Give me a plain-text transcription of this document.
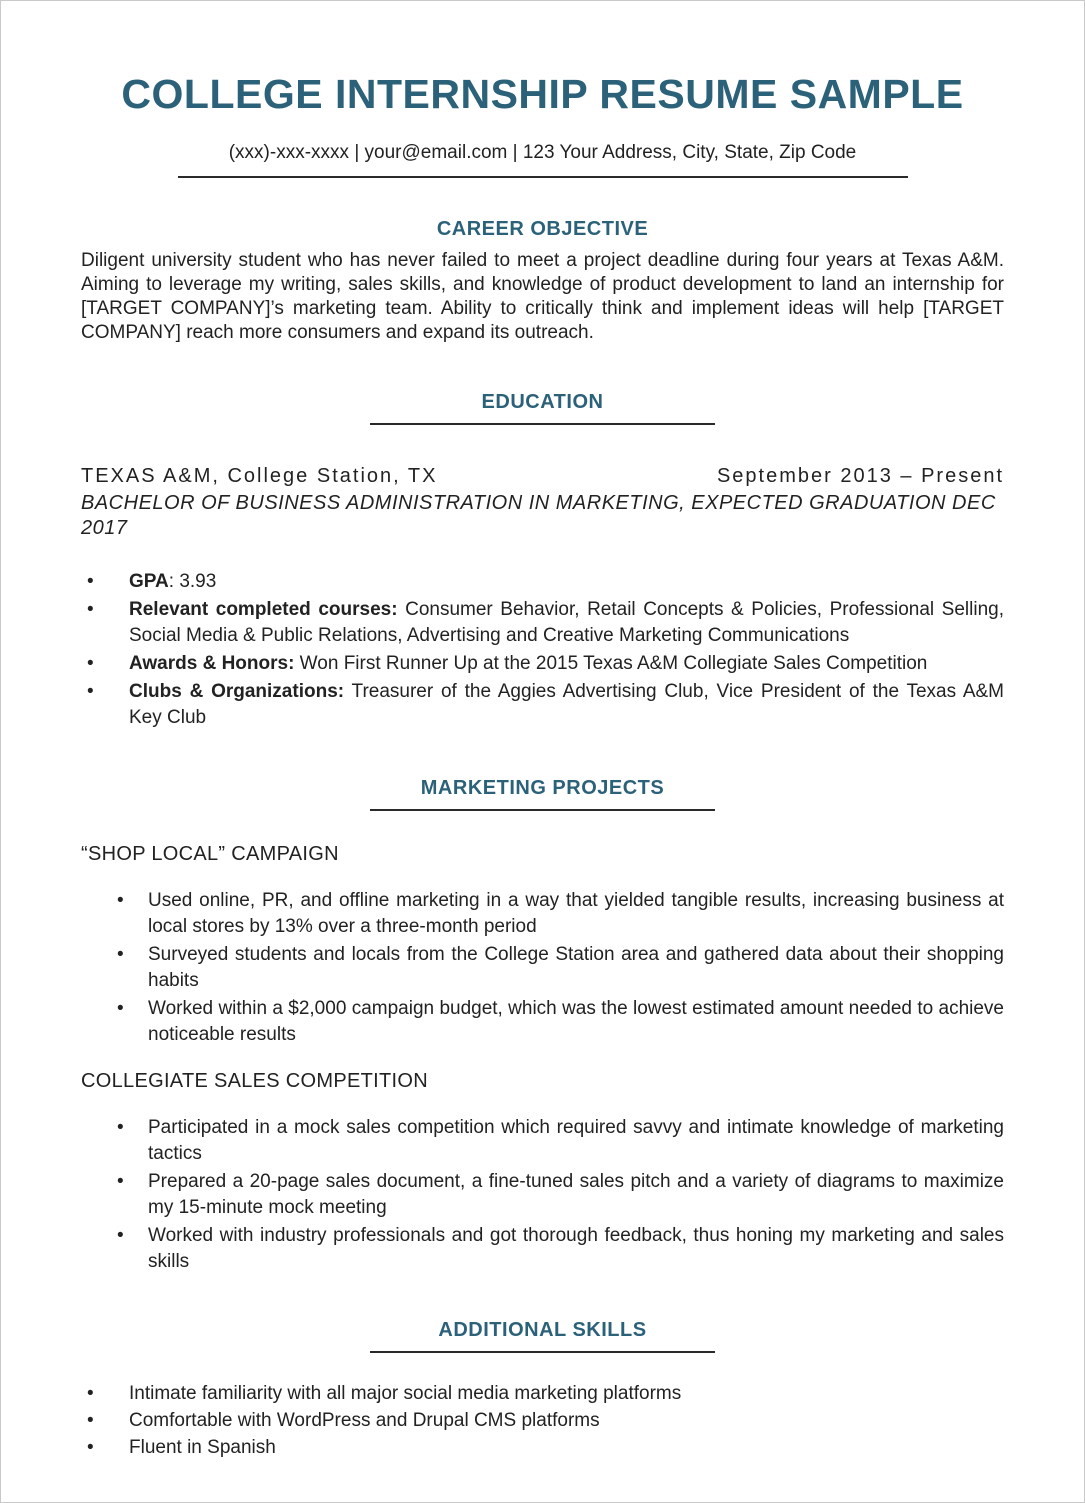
COLLEGE INTERNSHIP RESUME SAMPLE
(xxx)-xxx-xxxx | your@email.com | 123 Your Address, City, State, Zip Code
CAREER OBJECTIVE

Diligent university student who has never failed to meet a project deadline during four years at Texas A&M. Aiming to leverage my writing, sales skills, and knowledge of product development to land an internship for [TARGET COMPANY]’s marketing team. Ability to critically think and implement ideas will help [TARGET COMPANY] reach more consumers and expand its outreach.

EDUCATION
TEXAS A&M, College Station, TX	September 2013 – Present
BACHELOR OF BUSINESS ADMINISTRATION IN MARKETING, EXPECTED GRADUATION DEC 2017
• GPA: 3.93
• Relevant completed courses: Consumer Behavior, Retail Concepts & Policies, Professional Selling, Social Media & Public Relations, Advertising and Creative Marketing Communications
• Awards & Honors: Won First Runner Up at the 2015 Texas A&M Collegiate Sales Competition
• Clubs & Organizations: Treasurer of the Aggies Advertising Club, Vice President of the Texas A&M Key Club
MARKETING PROJECTS
“SHOP LOCAL” CAMPAIGN
• Used online, PR, and offline marketing in a way that yielded tangible results, increasing business at local stores by 13% over a three-month period
• Surveyed students and locals from the College Station area and gathered data about their shopping habits
• Worked within a $2,000 campaign budget, which was the lowest estimated amount needed to achieve noticeable results
COLLEGIATE SALES COMPETITION
• Participated in a mock sales competition which required savvy and intimate knowledge of marketing tactics
• Prepared a 20-page sales document, a fine-tuned sales pitch and a variety of diagrams to maximize my 15-minute mock meeting
• Worked with industry professionals and got thorough feedback, thus honing my marketing and sales skills
ADDITIONAL SKILLS
• Intimate familiarity with all major social media marketing platforms
• Comfortable with WordPress and Drupal CMS platforms
• Fluent in Spanish
